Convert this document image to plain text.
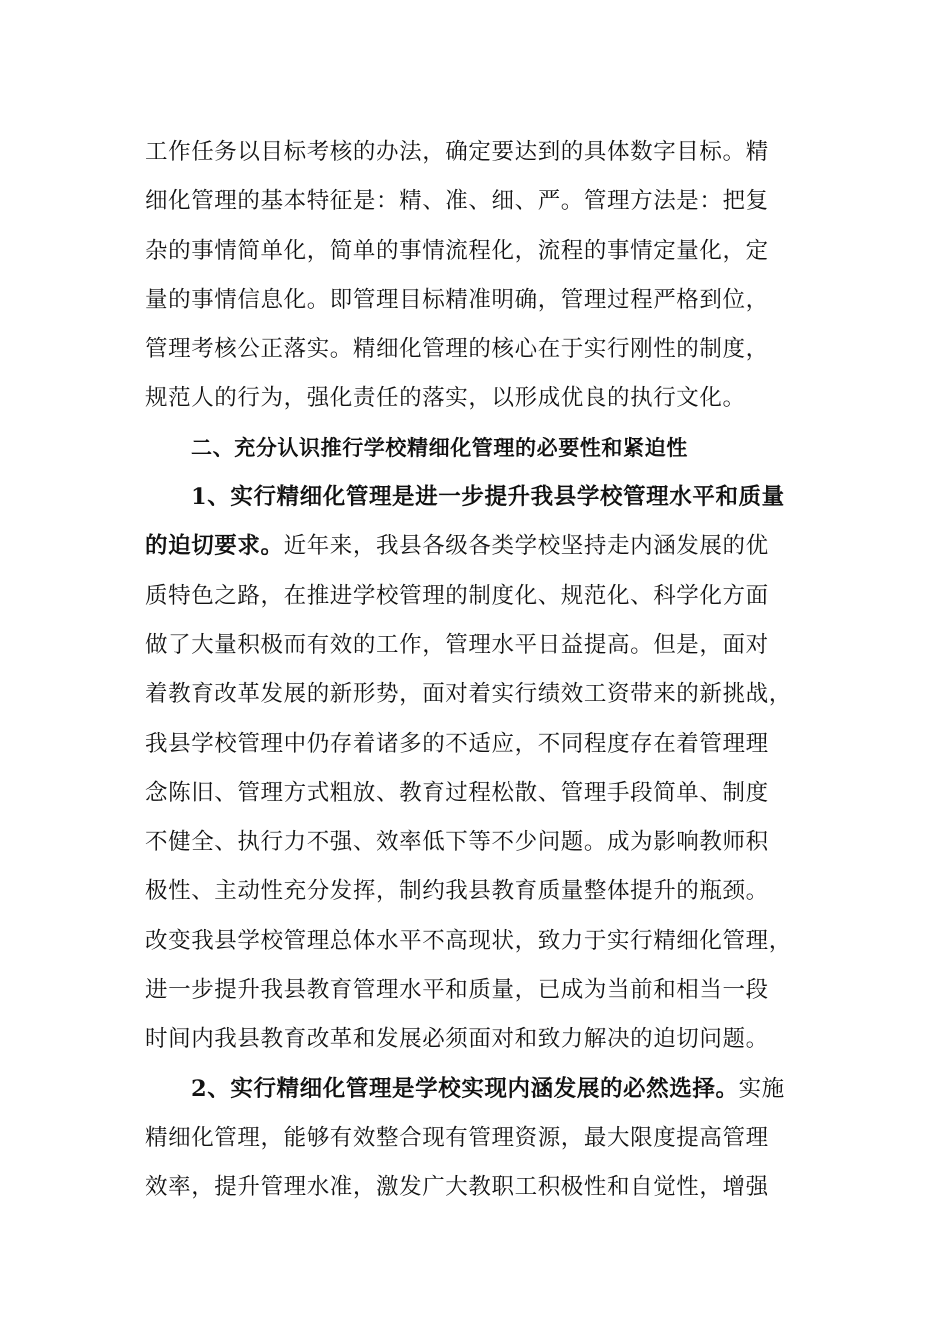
工作任务以目标考核的办法，确定要达到的具体数字目标。精
细化管理的基本特征是：精、准、细、严。管理方法是：把复
杂的事情简单化，简单的事情流程化，流程的事情定量化，定
量的事情信息化。即管理目标精准明确，管理过程严格到位，
管理考核公正落实。精细化管理的核心在于实行刚性的制度，
规范人的行为，强化责任的落实，以形成优良的执行文化。
二、充分认识推行学校精细化管理的必要性和紧迫性
1、实行精细化管理是进一步提升我县学校管理水平和质量
的迫切要求。近年来，我县各级各类学校坚持走内涵发展的优
质特色之路，在推进学校管理的制度化、规范化、科学化方面
做了大量积极而有效的工作，管理水平日益提高。但是，面对
着教育改革发展的新形势，面对着实行绩效工资带来的新挑战，
我县学校管理中仍存着诸多的不适应，不同程度存在着管理理
念陈旧、管理方式粗放、教育过程松散、管理手段简单、制度
不健全、执行力不强、效率低下等不少问题。成为影响教师积
极性、主动性充分发挥，制约我县教育质量整体提升的瓶颈。
改变我县学校管理总体水平不高现状，致力于实行精细化管理，
进一步提升我县教育管理水平和质量，已成为当前和相当一段
时间内我县教育改革和发展必须面对和致力解决的迫切问题。
2、实行精细化管理是学校实现内涵发展的必然选择。实施
精细化管理，能够有效整合现有管理资源，最大限度提高管理
效率，提升管理水准，激发广大教职工积极性和自觉性，增强
